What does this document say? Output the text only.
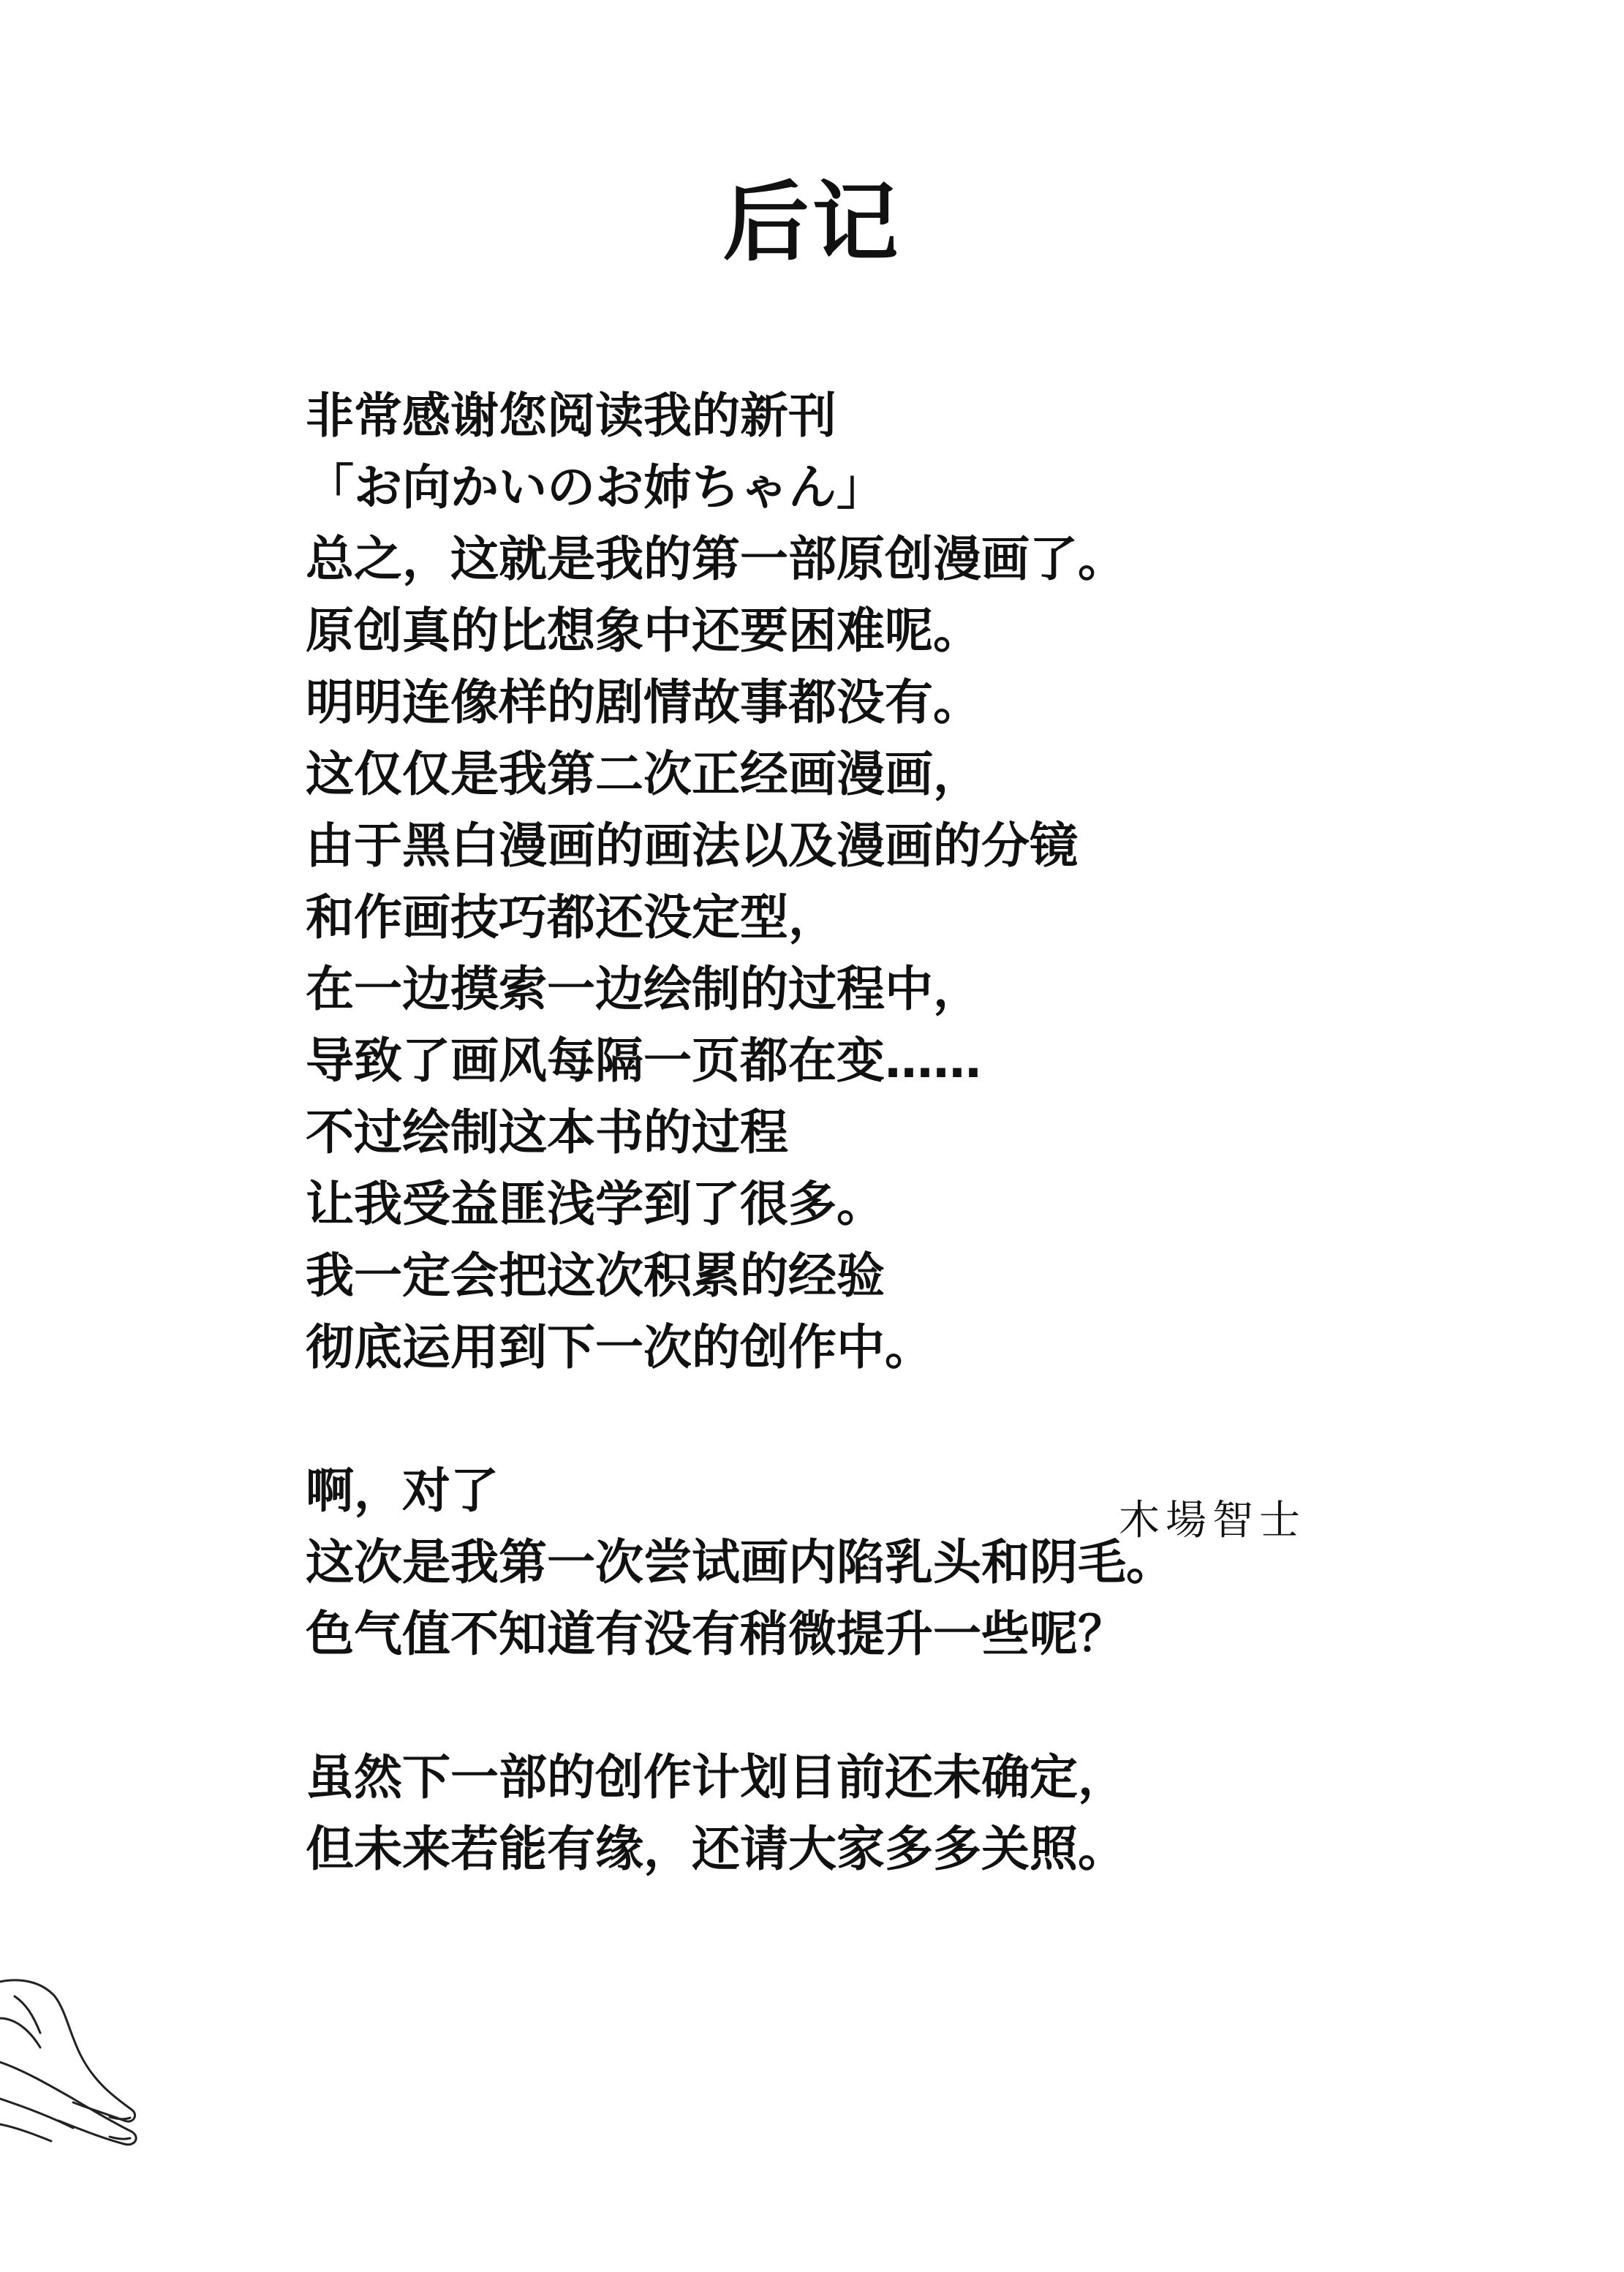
后记
非常感谢您阅读我的新刊
「お向かいのお姉ちゃん」
总之，这就是我的第一部原创漫画了。
原创真的比想象中还要困难呢。
明明连像样的剧情故事都没有。
这仅仅是我第二次正经画漫画，
由于黑白漫画的画法以及漫画的分镜
和作画技巧都还没定型，
在一边摸索一边绘制的过程中，
导致了画风每隔一页都在变……
不过绘制这本书的过程
让我受益匪浅学到了很多。
我一定会把这次积累的经验
彻底运用到下一次的创作中。
啊，对了
这次是我第一次尝试画内陷乳头和阴毛。
色气值不知道有没有稍微提升一些呢？
虽然下一部的创作计划目前还未确定，
但未来若能有缘，还请大家多多关照。
木場智士
